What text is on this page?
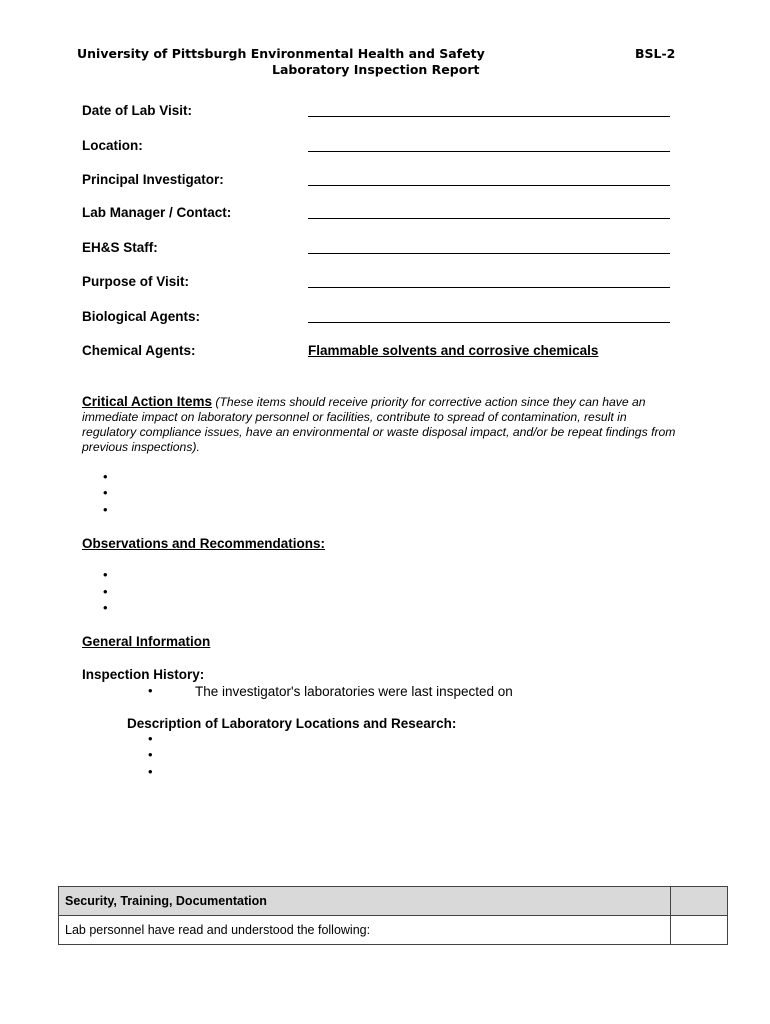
University of Pittsburgh Environmental Health and Safety	BSL-2
Laboratory Inspection Report
Date of Lab Visit:
Location:
Principal Investigator:
Lab Manager / Contact:
EH&S Staff:
Purpose of Visit:
Biological Agents:
Chemical Agents:	Flammable solvents and corrosive chemicals
Critical Action Items (These items should receive priority for corrective action since they can have an immediate impact on laboratory personnel or facilities, contribute to spread of contamination, result in regulatory compliance issues, have an environmental or waste disposal impact, and/or be repeat findings from previous inspections).
•
•
•
Observations and Recommendations:
•
•
•
General Information
Inspection History:
•	The investigator's laboratories were last inspected on
Description of Laboratory Locations and Research:
•
•
•
Security, Training, Documentation	
Lab personnel have read and understood the following:	
